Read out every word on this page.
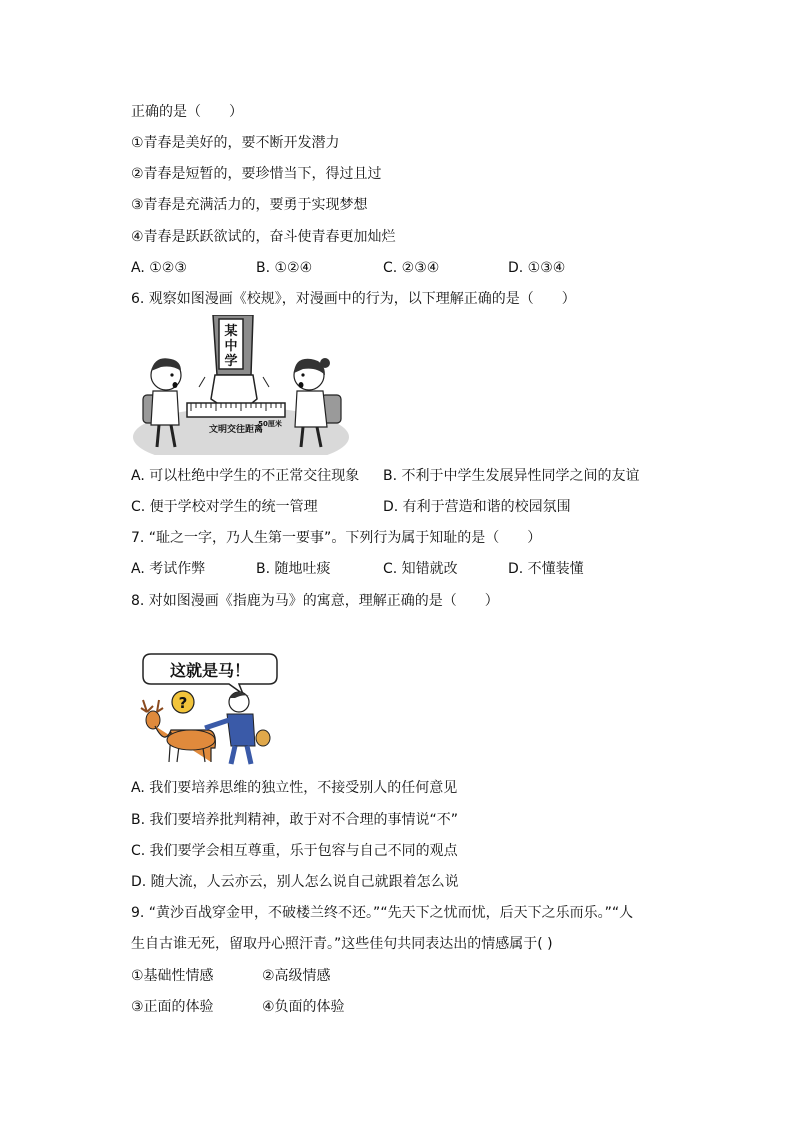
正确的是（　　）
①青春是美好的，要不断开发潜力
②青春是短暂的，要珍惜当下，得过且过
③青春是充满活力的，要勇于实现梦想
④青春是跃跃欲试的，奋斗使青春更加灿烂
A. ①②③	B. ①②④	C. ②③④	D. ①③④
6. 观察如图漫画《校规》，对漫画中的行为，以下理解正确的是（　　）
某
中
学
50厘米
文明交往距离
A. 可以杜绝中学生的不正常交往现象 B. 不利于中学生发展异性同学之间的友谊
C. 便于学校对学生的统一管理	D. 有利于营造和谐的校园氛围
7. “耻之一字，乃人生第一要事”。下列行为属于知耻的是（　　）
A. 考试作弊	B. 随地吐痰	C. 知错就改	D. 不懂装懂
8. 对如图漫画《指鹿为马》的寓意，理解正确的是（　　）
这就是马！
?
A. 我们要培养思维的独立性，不接受别人的任何意见
B. 我们要培养批判精神，敢于对不合理的事情说“不”
C. 我们要学会相互尊重，乐于包容与自己不同的观点
D. 随大流，人云亦云，别人怎么说自己就跟着怎么说
9. “黄沙百战穿金甲，不破楼兰终不还。”“先天下之忧而忧，后天下之乐而乐。”“人
生自古谁无死，留取丹心照汗青。”这些佳句共同表达出的情感属于( )
①基础性情感	②高级情感
③正面的体验	④负面的体验
